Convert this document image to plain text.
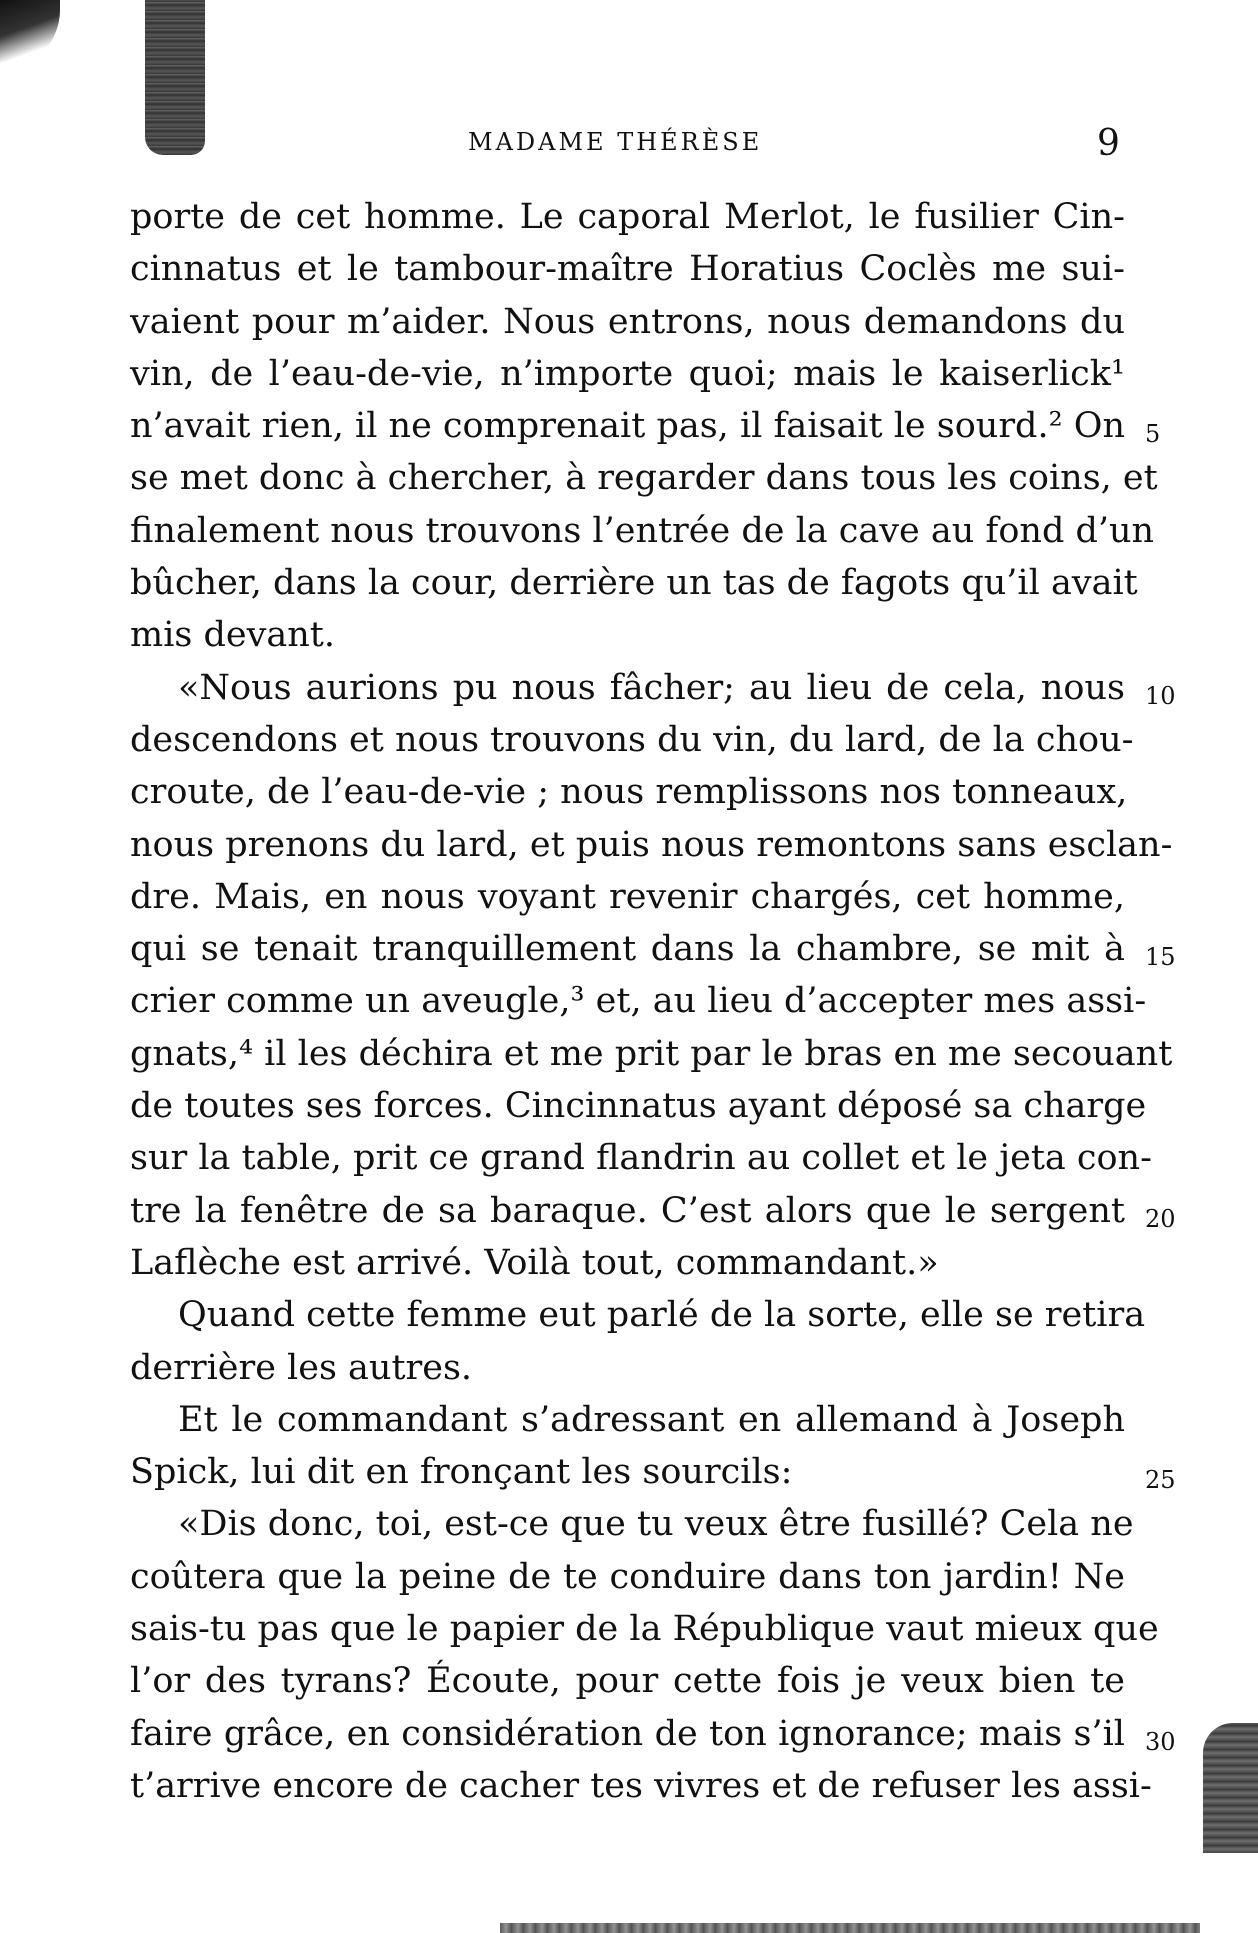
MADAME THÉRÈSE	9
porte de cet homme. Le caporal Merlot, le fusilier Cin-
cinnatus et le tambour-maître Horatius Coclès me sui-
vaient pour m’aider. Nous entrons, nous demandons du
vin, de l’eau-de-vie, n’importe quoi; mais le kaiserlick¹
n’avait rien, il ne comprenait pas, il faisait le sourd.² On 5
se met donc à chercher, à regarder dans tous les coins, et
finalement nous trouvons l’entrée de la cave au fond d’un
bûcher, dans la cour, derrière un tas de fagots qu’il avait
mis devant.
«Nous aurions pu nous fâcher; au lieu de cela, nous 10
descendons et nous trouvons du vin, du lard, de la chou-
croute, de l’eau-de-vie ; nous remplissons nos tonneaux,
nous prenons du lard, et puis nous remontons sans esclan-
dre. Mais, en nous voyant revenir chargés, cet homme,
qui se tenait tranquillement dans la chambre, se mit à 15
crier comme un aveugle,³ et, au lieu d’accepter mes assi-
gnats,⁴ il les déchira et me prit par le bras en me secouant
de toutes ses forces. Cincinnatus ayant déposé sa charge
sur la table, prit ce grand flandrin au collet et le jeta con-
tre la fenêtre de sa baraque. C’est alors que le sergent 20
Laflèche est arrivé. Voilà tout, commandant.»
Quand cette femme eut parlé de la sorte, elle se retira
derrière les autres.
Et le commandant s’adressant en allemand à Joseph
Spick, lui dit en fronçant les sourcils:	25
«Dis donc, toi, est-ce que tu veux être fusillé? Cela ne
coûtera que la peine de te conduire dans ton jardin! Ne
sais-tu pas que le papier de la République vaut mieux que
l’or des tyrans? Écoute, pour cette fois je veux bien te
faire grâce, en considération de ton ignorance; mais s’il 30
t’arrive encore de cacher tes vivres et de refuser les assi-
